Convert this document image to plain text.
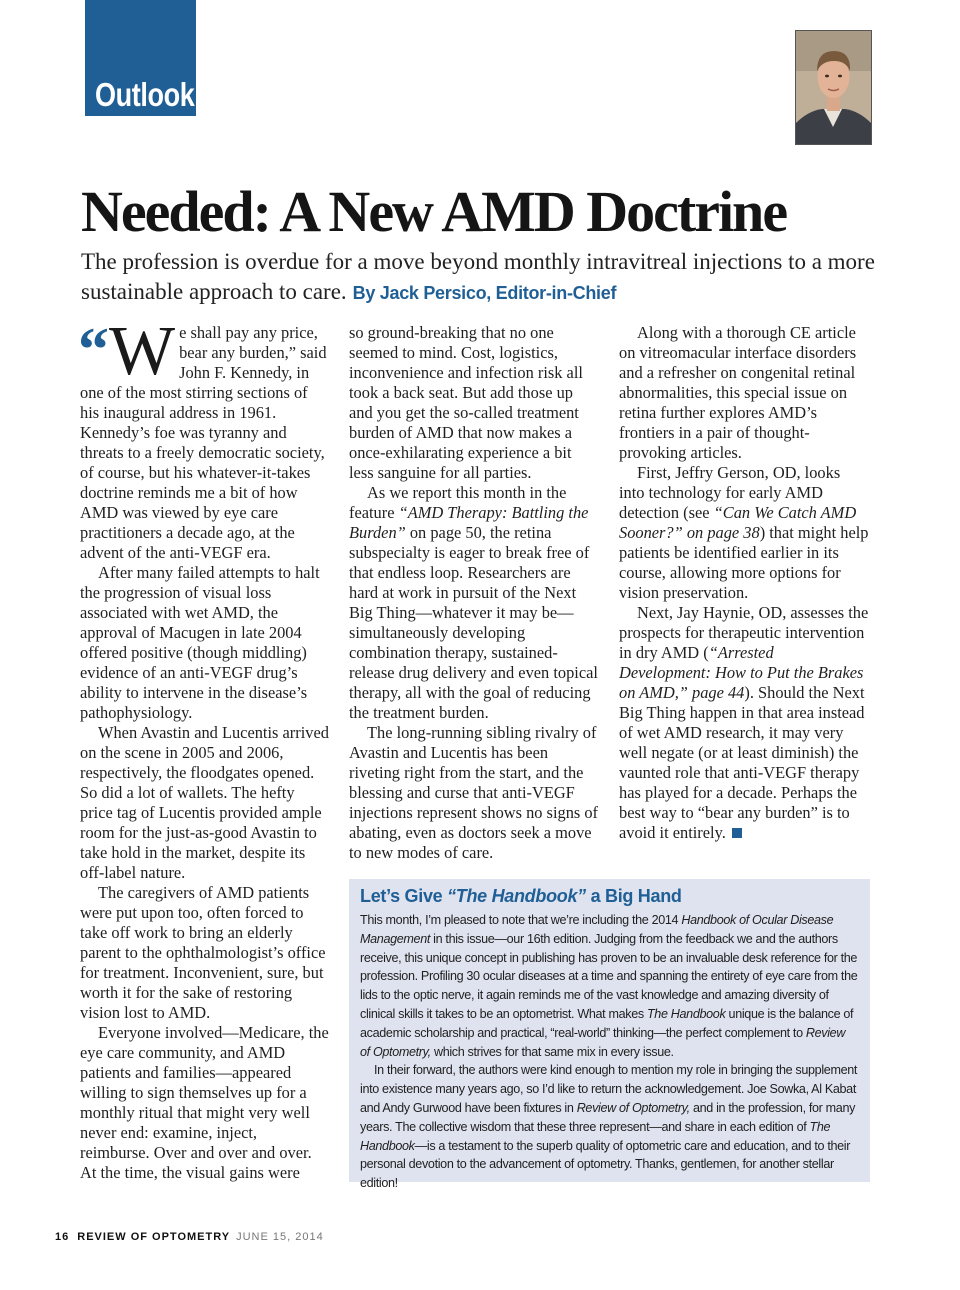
Outlook
Needed: A New AMD Doctrine

The profession is overdue for a move beyond monthly intravitreal injections to a more sustainable approach to care. By Jack Persico, Editor-in-Chief

“ W e shall pay any price, bear any burden,” said John F. Kennedy, in one of the most stirring sections of his inaugural address in 1961. Kennedy’s foe was tyranny and threats to a freely democratic society, of course, but his whatever-it-takes doctrine reminds me a bit of how AMD was viewed by eye care practitioners a decade ago, at the advent of the anti-VEGF era.

After many failed attempts to halt the progression of visual loss associated with wet AMD, the approval of Macugen in late 2004 offered positive (though middling) evidence of an anti-VEGF drug’s ability to intervene in the disease’s pathophysiology.

When Avastin and Lucentis arrived on the scene in 2005 and 2006, respectively, the floodgates opened. So did a lot of wallets. The hefty price tag of Lucentis provided ample room for the just-as-good Avastin to take hold in the market, despite its off-label nature.

The caregivers of AMD patients were put upon too, often forced to take off work to bring an elderly parent to the ophthalmologist’s office for treatment. Inconvenient, sure, but worth it for the sake of restoring vision lost to AMD.

Everyone involved—Medicare, the eye care community, and AMD patients and families—appeared willing to sign themselves up for a monthly ritual that might very well never end: examine, inject, reimburse. Over and over and over. At the time, the visual gains were

so ground-breaking that no one seemed to mind. Cost, logistics, inconvenience and infection risk all took a back seat. But add those up and you get the so-called treatment burden of AMD that now makes a once-exhilarating experience a bit less sanguine for all parties.

As we report this month in the feature “AMD Therapy: Battling the Burden” on page 50, the retina subspecialty is eager to break free of that endless loop. Researchers are hard at work in pursuit of the Next Big Thing—whatever it may be—simultaneously developing combination therapy, sustained-release drug delivery and even topical therapy, all with the goal of reducing the treatment burden.

The long-running sibling rivalry of Avastin and Lucentis has been riveting right from the start, and the blessing and curse that anti-VEGF injections represent shows no signs of abating, even as doctors seek a move to new modes of care.

Along with a thorough CE article on vitreomacular interface disorders and a refresher on congenital retinal abnormalities, this special issue on retina further explores AMD’s frontiers in a pair of thought-provoking articles.

First, Jeffry Gerson, OD, looks into technology for early AMD detection (see “Can We Catch AMD Sooner?” on page 38) that might help patients be identified earlier in its course, allowing more options for vision preservation.

Next, Jay Haynie, OD, assesses the prospects for therapeutic intervention in dry AMD (“Arrested Development: How to Put the Brakes on AMD,” page 44). Should the Next Big Thing happen in that area instead of wet AMD research, it may very well negate (or at least diminish) the vaunted role that anti-VEGF therapy has played for a decade. Perhaps the best way to “bear any burden” is to avoid it entirely.

Let’s Give “The Handbook” a Big Hand

This month, I’m pleased to note that we’re including the 2014 Handbook of Ocular Disease Management in this issue—our 16th edition. Judging from the feedback we and the authors receive, this unique concept in publishing has proven to be an invaluable desk reference for the profession. Profiling 30 ocular diseases at a time and spanning the entirety of eye care from the lids to the optic nerve, it again reminds me of the vast knowledge and amazing diversity of clinical skills it takes to be an optometrist. What makes The Handbook unique is the balance of academic scholarship and practical, “real-world” thinking—the perfect complement to Review of Optometry, which strives for that same mix in every issue.

In their forward, the authors were kind enough to mention my role in bringing the supplement into existence many years ago, so I’d like to return the acknowledgement. Joe Sowka, Al Kabat and Andy Gurwood have been fixtures in Review of Optometry, and in the profession, for many years. The collective wisdom that these three represent—and share in each edition of The Handbook—is a testament to the superb quality of optometric care and education, and to their personal devotion to the advancement of optometry. Thanks, gentlemen, for another stellar edition!

16 REVIEW OF OPTOMETRY JUNE 15, 2014
